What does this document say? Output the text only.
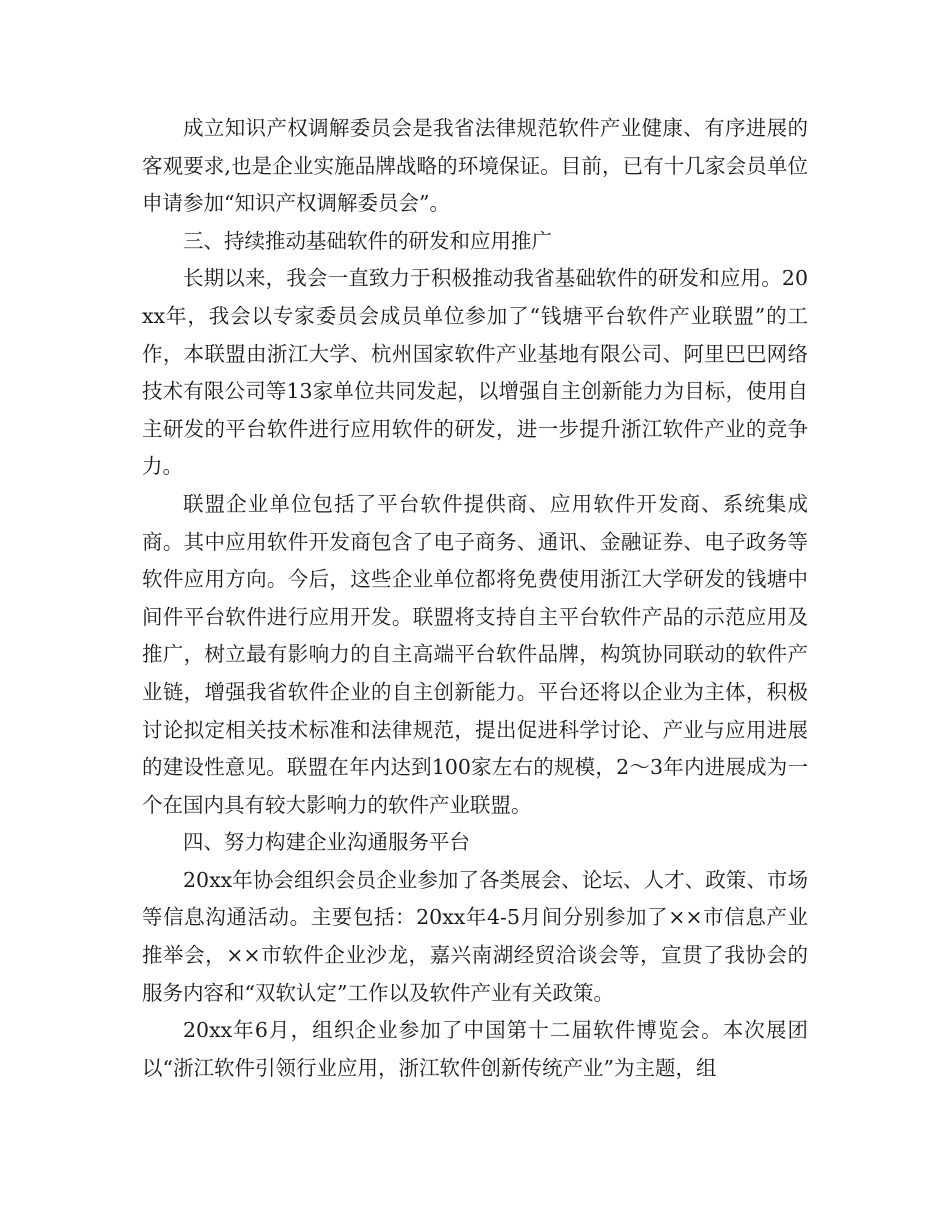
成立知识产权调解委员会是我省法律规范软件产业健康、有序进展的客观要求,也是企业实施品牌战略的环境保证。目前，已有十几家会员单位申请参加“知识产权调解委员会”。

三、持续推动基础软件的研发和应用推广

长期以来，我会一直致力于积极推动我省基础软件的研发和应用。20xx年，我会以专家委员会成员单位参加了“钱塘平台软件产业联盟”的工作，本联盟由浙江大学、杭州国家软件产业基地有限公司、阿里巴巴网络技术有限公司等13家单位共同发起，以增强自主创新能力为目标，使用自主研发的平台软件进行应用软件的研发，进一步提升浙江软件产业的竞争力。

联盟企业单位包括了平台软件提供商、应用软件开发商、系统集成商。其中应用软件开发商包含了电子商务、通讯、金融证券、电子政务等软件应用方向。今后，这些企业单位都将免费使用浙江大学研发的钱塘中间件平台软件进行应用开发。联盟将支持自主平台软件产品的示范应用及推广，树立最有影响力的自主高端平台软件品牌，构筑协同联动的软件产业链，增强我省软件企业的自主创新能力。平台还将以企业为主体，积极讨论拟定相关技术标准和法律规范，提出促进科学讨论、产业与应用进展的建设性意见。联盟在年内达到100家左右的规模，2～3年内进展成为一个在国内具有较大影响力的软件产业联盟。

四、努力构建企业沟通服务平台

20xx年协会组织会员企业参加了各类展会、论坛、人才、政策、市场等信息沟通活动。主要包括：20xx年4-5月间分别参加了××市信息产业推举会，××市软件企业沙龙，嘉兴南湖经贸洽谈会等，宣贯了我协会的服务内容和“双软认定”工作以及软件产业有关政策。

20xx年6月，组织企业参加了中国第十二届软件博览会。本次展团以“浙江软件引领行业应用，浙江软件创新传统产业”为主题，组
